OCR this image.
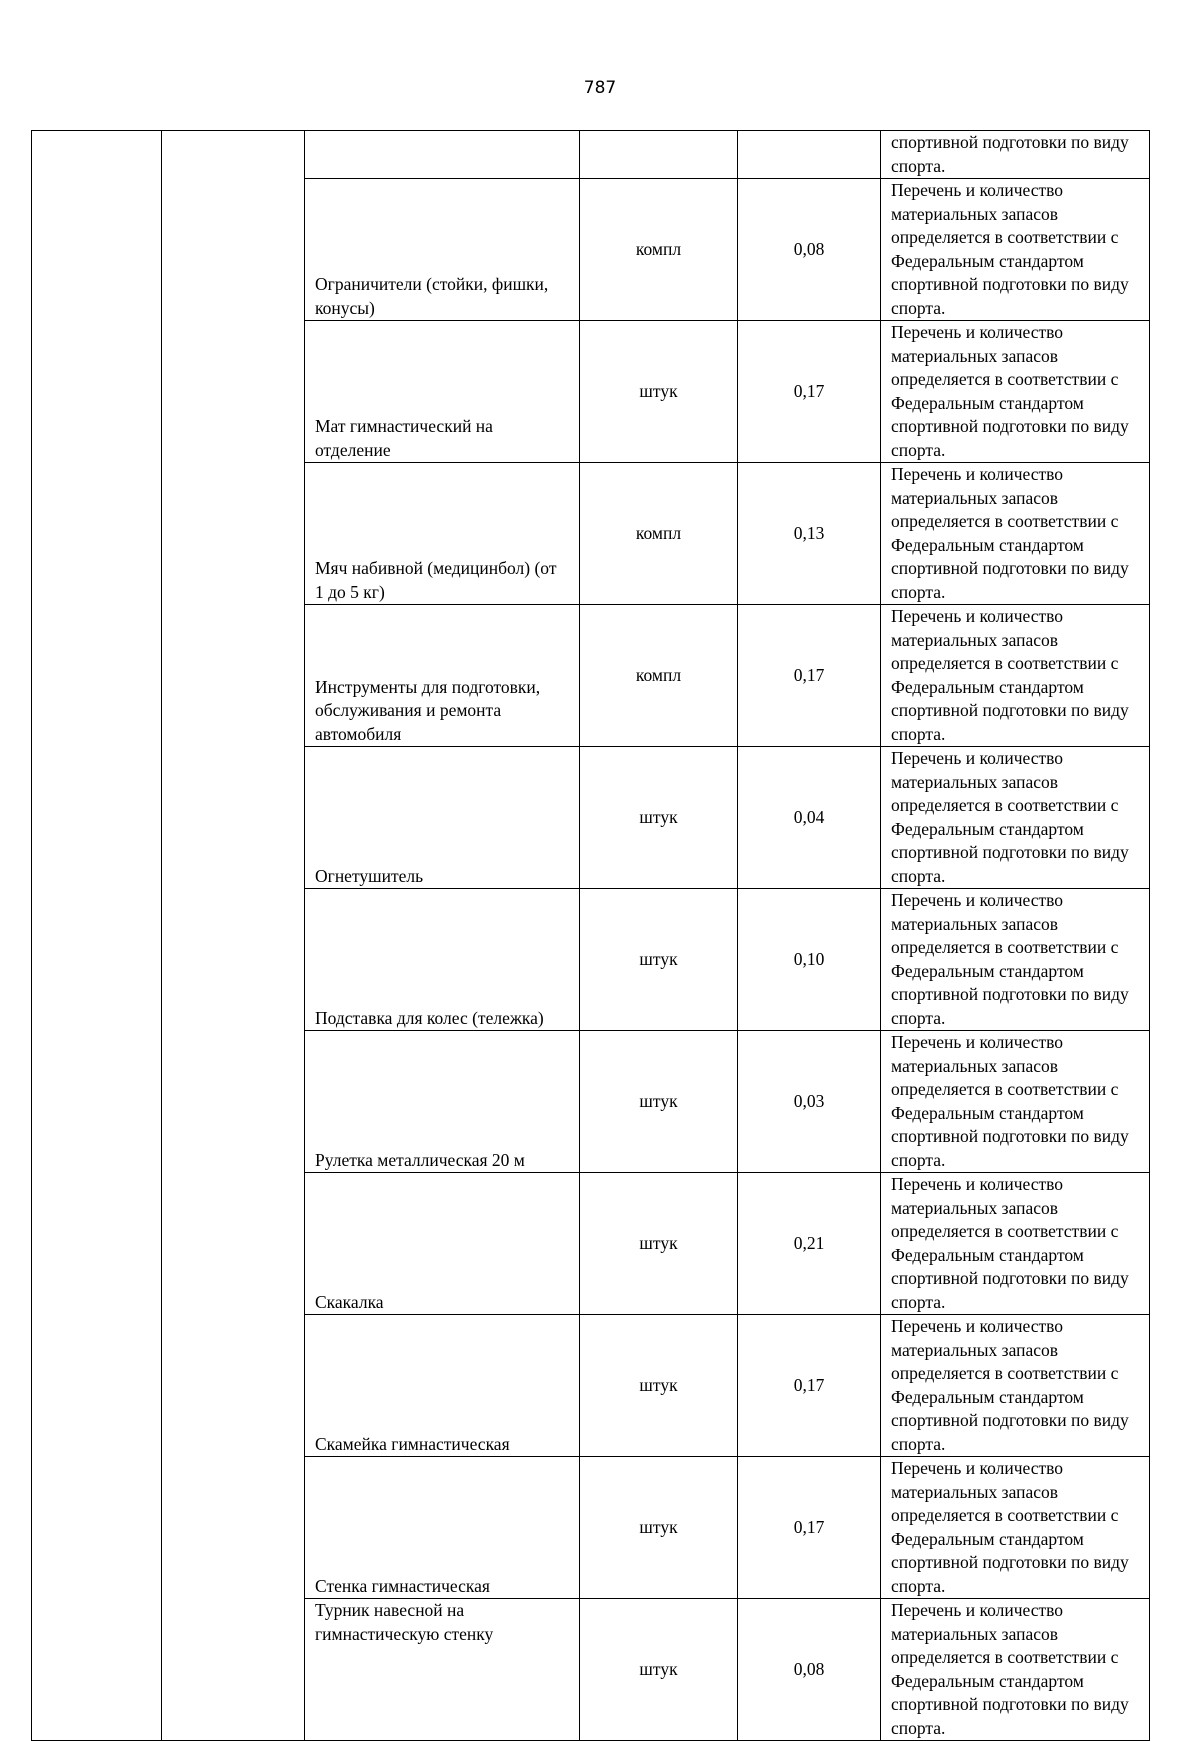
787

					спортивной подготовки по виду спорта.

		Ограничители (стойки, фишки, конусы)	компл	0,08	Перечень и количество материальных запасов определяется в соответствии с Федеральным стандартом спортивной подготовки по виду спорта.

		Мат гимнастический на отделение	штук	0,17	Перечень и количество материальных запасов определяется в соответствии с Федеральным стандартом спортивной подготовки по виду спорта.

		Мяч набивной (медицинбол) (от 1 до 5 кг)	компл	0,13	Перечень и количество материальных запасов определяется в соответствии с Федеральным стандартом спортивной подготовки по виду спорта.

		Инструменты для подготовки, обслуживания и ремонта автомобиля	компл	0,17	Перечень и количество материальных запасов определяется в соответствии с Федеральным стандартом спортивной подготовки по виду спорта.

		Огнетушитель	штук	0,04	Перечень и количество материальных запасов определяется в соответствии с Федеральным стандартом спортивной подготовки по виду спорта.

		Подставка для колес (тележка)	штук	0,10	Перечень и количество материальных запасов определяется в соответствии с Федеральным стандартом спортивной подготовки по виду спорта.

		Рулетка металлическая 20 м	штук	0,03	Перечень и количество материальных запасов определяется в соответствии с Федеральным стандартом спортивной подготовки по виду спорта.

		Скакалка	штук	0,21	Перечень и количество материальных запасов определяется в соответствии с Федеральным стандартом спортивной подготовки по виду спорта.

		Скамейка гимнастическая	штук	0,17	Перечень и количество материальных запасов определяется в соответствии с Федеральным стандартом спортивной подготовки по виду спорта.

		Стенка гимнастическая	штук	0,17	Перечень и количество материальных запасов определяется в соответствии с Федеральным стандартом спортивной подготовки по виду спорта.

		Турник навесной на гимнастическую стенку	штук	0,08	Перечень и количество материальных запасов определяется в соответствии с Федеральным стандартом спортивной подготовки по виду спорта.
